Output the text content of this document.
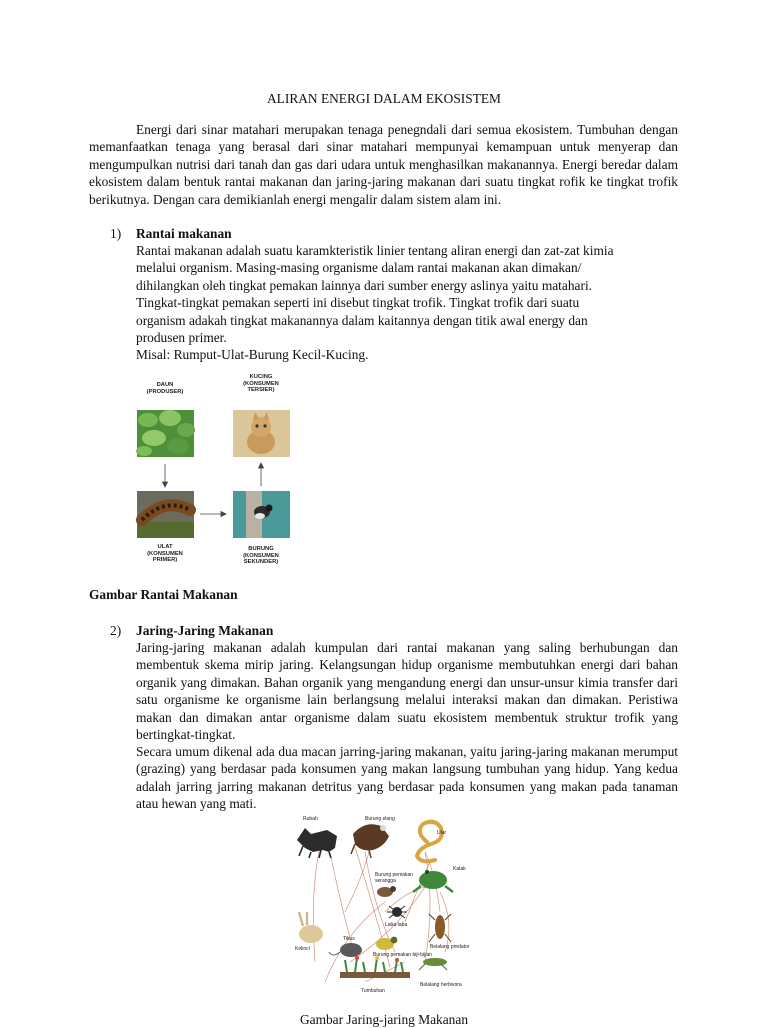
ALIRAN ENERGI DALAM EKOSISTEM
Energi dari sinar matahari merupakan tenaga penegndali dari semua ekosistem. Tumbuhan dengan memanfaatkan tenaga yang berasal dari sinar matahari mempunyai kemampuan untuk menyerap dan mengumpulkan nutrisi dari tanah dan gas dari udara untuk menghasilkan makanannya. Energi beredar dalam ekosistem dalam bentuk rantai makanan dan jaring-jaring makanan dari suatu tingkat rofik ke tingkat trofik berikutnya. Dengan cara demikianlah energi mengalir dalam sistem alam ini.
1) Rantai makanan
Rantai makanan adalah suatu karamkteristik linier tentang aliran energi dan zat-zat kimia
melalui organism. Masing-masing organisme dalam rantai makanan akan dimakan/
dihilangkan oleh tingkat pemakan lainnya dari sumber energy aslinya yaitu matahari.
Tingkat-tingkat pemakan seperti ini disebut tingkat trofik. Tingkat trofik dari suatu
organism adakah tingkat makanannya dalam kaitannya dengan titik awal energy dan
produsen primer.
Misal: Rumput-Ulat-Burung Kecil-Kucing.
DAUN
(PRODUSER)
KUCING
(KONSUMEN
TERSIER)
ULAT
(KONSUMEN
PRIMER)
BURUNG
(KONSUMEN
SEKUNDER)
Gambar Rantai Makanan
2) Jaring-Jaring Makanan
Jaring-jaring makanan adalah kumpulan dari rantai makanan yang saling berhubungan dan membentuk skema mirip jaring. Kelangsungan hidup organisme membutuhkan energi dari bahan organik yang dimakan. Bahan organik yang mengandung energi dan unsur-unsur kimia transfer dari satu organisme ke organisme lain berlangsung melalui interaksi makan dan dimakan. Peristiwa makan dan dimakan antar organisme dalam suatu ekosistem membentuk struktur trofik yang bertingkat-tingkat.
Secara umum dikenal ada dua macan jarring-jaring makanan, yaitu jaring-jaring makanan merumput (grazing) yang berdasar pada konsumen yang makan langsung tumbuhan yang hidup. Yang kedua adalah jarring jarring makanan detritus yang berdasar pada konsumen yang makan pada tanaman atau hewan yang mati.
Rubah	Burung elang
Ular
Katak
Burung pemakan
serangga
Laba-laba
Tikus
Kelinci
Burung pemakan biji-bijian
Belalang predator
Belalang herbivora
Tumbuhan
Gambar Jaring-jaring Makanan
